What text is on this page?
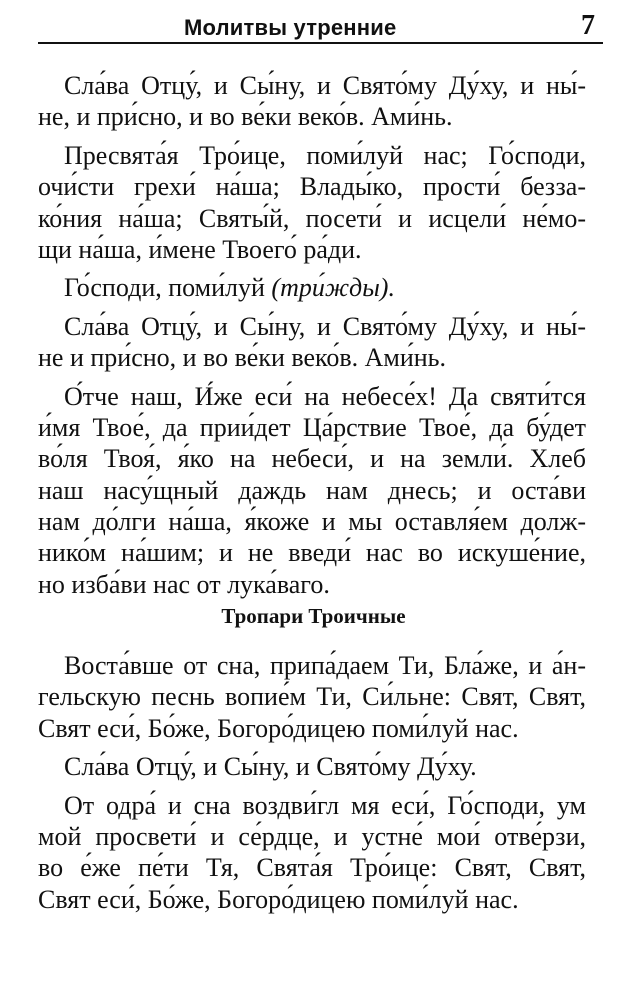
Молитвы утренние	7
Сла́ва Отцу́, и Сы́ну, и Свято́му Ду́ху, и ны́-
не, и при́сно, и во ве́ки веко́в. Ами́нь.
Пресвята́я Тро́ице, поми́луй нас; Го́споди,
очи́сти грехи́ на́ша; Влады́ко, прости́ безза-
ко́ния на́ша; Святы́й, посети́ и исцели́ не́мо-
щи на́ша, и́мене Твоего́ ра́ди.
Го́споди, поми́луй (три́жды).
Сла́ва Отцу́, и Сы́ну, и Свято́му Ду́ху, и ны́-
не и при́сно, и во ве́ки веко́в. Ами́нь.
О́тче наш, И́же еси́ на небесе́х! Да святи́тся
и́мя Твое́, да прии́дет Ца́рствие Твое́, да бу́дет
во́ля Твоя́, я́ко на небеси́, и на земли́. Хлеб
наш насу́щный даждь нам днесь; и оста́ви
нам до́лги на́ша, я́коже и мы оставля́ем долж-
нико́м на́шим; и не введи́ нас во искуше́ние,
но изба́ви нас от лука́ваго.
Тропари Троичные
Воста́вше от сна, припа́даем Ти, Бла́же, и а́н-
гельскую песнь вопие́м Ти, Си́льне: Свят, Свят,
Свят еси́, Бо́же, Богоро́дицею поми́луй нас.
Сла́ва Отцу́, и Сы́ну, и Свято́му Ду́ху.
От одра́ и сна воздви́гл мя еси́, Го́споди, ум
мой просвети́ и се́рдце, и устне́ мои́ отве́рзи,
во е́же пе́ти Тя, Свята́я Тро́ице: Свят, Свят,
Свят еси́, Бо́же, Богоро́дицею поми́луй нас.
